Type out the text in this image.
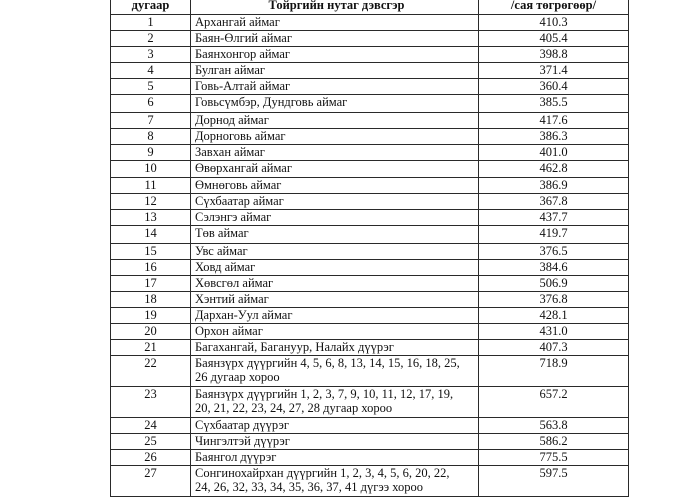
дугаар	Тойргийн нутаг дэвсгэр	/сая төгрөгөөр/
1	Архангай аймаг	410.3
2	Баян-Өлгий аймаг	405.4
3	Баянхонгор аймаг	398.8
4	Булган аймаг	371.4
5	Говь-Алтай аймаг	360.4
6	Говьсүмбэр, Дундговь аймаг	385.5
7	Дорнод аймаг	417.6
8	Дорноговь аймаг	386.3
9	Завхан аймаг	401.0
10	Өвөрхангай аймаг	462.8
11	Өмнөговь аймаг	386.9
12	Сүхбаатар аймаг	367.8
13	Сэлэнгэ аймаг	437.7
14	Төв аймаг	419.7
15	Увс аймаг	376.5
16	Ховд аймаг	384.6
17	Хөвсгөл аймаг	506.9
18	Хэнтий аймаг	376.8
19	Дархан-Уул аймаг	428.1
20	Орхон аймаг	431.0
21	Багахангай, Багануур, Налайх дүүрэг	407.3
22	Баянзүрх дүүргийн 4, 5, 6, 8, 13, 14, 15, 16, 18, 25,
26 дугаар хороо	718.9
23	Баянзүрх дүүргийн 1, 2, 3, 7, 9, 10, 11, 12, 17, 19,
20, 21, 22, 23, 24, 27, 28 дугаар хороо	657.2
24	Сүхбаатар дүүрэг	563.8
25	Чингэлтэй дүүрэг	586.2
26	Баянгол дүүрэг	775.5
27	Сонгинохайрхан дүүргийн 1, 2, 3, 4, 5, 6, 20, 22,
24, 26, 32, 33, 34, 35, 36, 37, 41 дүгээ хороо	597.5
